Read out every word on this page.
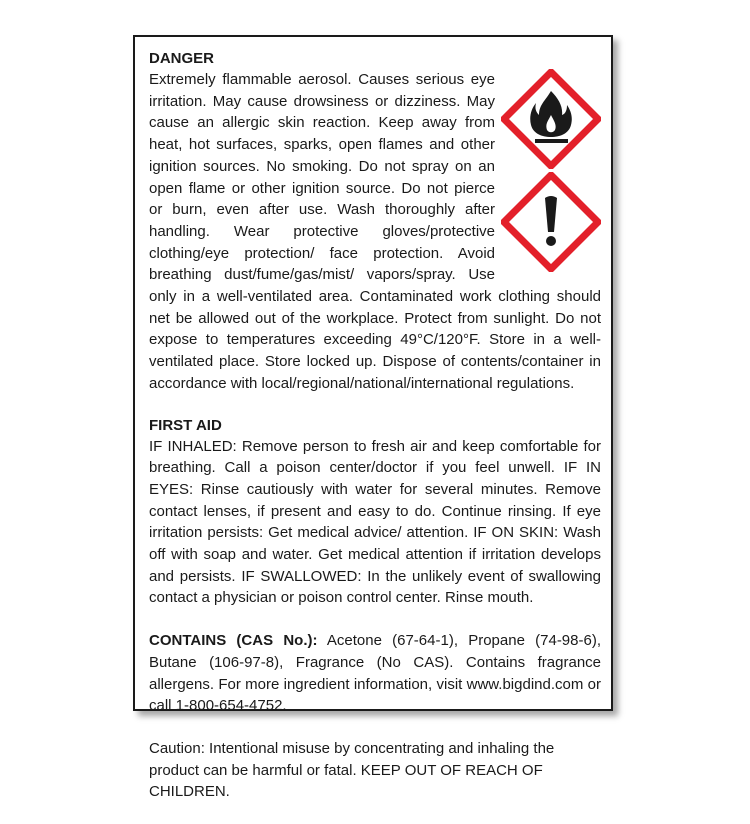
DANGER

Extremely flammable aerosol. Causes serious eye irritation. May cause drowsiness or dizziness. May cause an allergic skin reaction. Keep away from heat, hot surfaces, sparks, open flames and other ignition sources. No smoking. Do not spray on an open flame or other ignition source. Do not pierce or burn, even after use. Wash thoroughly after handling. Wear protective gloves/protective clothing/eye protection/ face protection. Avoid breathing dust/fume/gas/mist/ vapors/spray. Use only in a well-ventilated area. Contaminated work clothing should net be allowed out of the workplace. Protect from sunlight. Do not expose to temperatures exceeding 49°C/120°F. Store in a well-ventilated place. Store locked up. Dispose of contents/container in accordance with local/regional/national/international regulations.

FIRST AID

IF INHALED: Remove person to fresh air and keep comfortable for breathing. Call a poison center/doctor if you feel unwell. IF IN EYES: Rinse cautiously with water for several minutes. Remove contact lenses, if present and easy to do. Continue rinsing. If eye irritation persists: Get medical advice/ attention. IF ON SKIN: Wash off with soap and water. Get medical attention if irritation develops and persists. IF SWALLOWED: In the unlikely event of swallowing contact a physician or poison control center. Rinse mouth.

CONTAINS (CAS No.): Acetone (67-64-1), Propane (74-98-6), Butane (106-97-8), Fragrance (No CAS). Contains fragrance allergens. For more ingredient information, visit www.bigdind.com or call 1-800-654-4752.

Caution: Intentional misuse by concentrating and inhaling the product can be harmful or fatal. KEEP OUT OF REACH OF CHILDREN.
